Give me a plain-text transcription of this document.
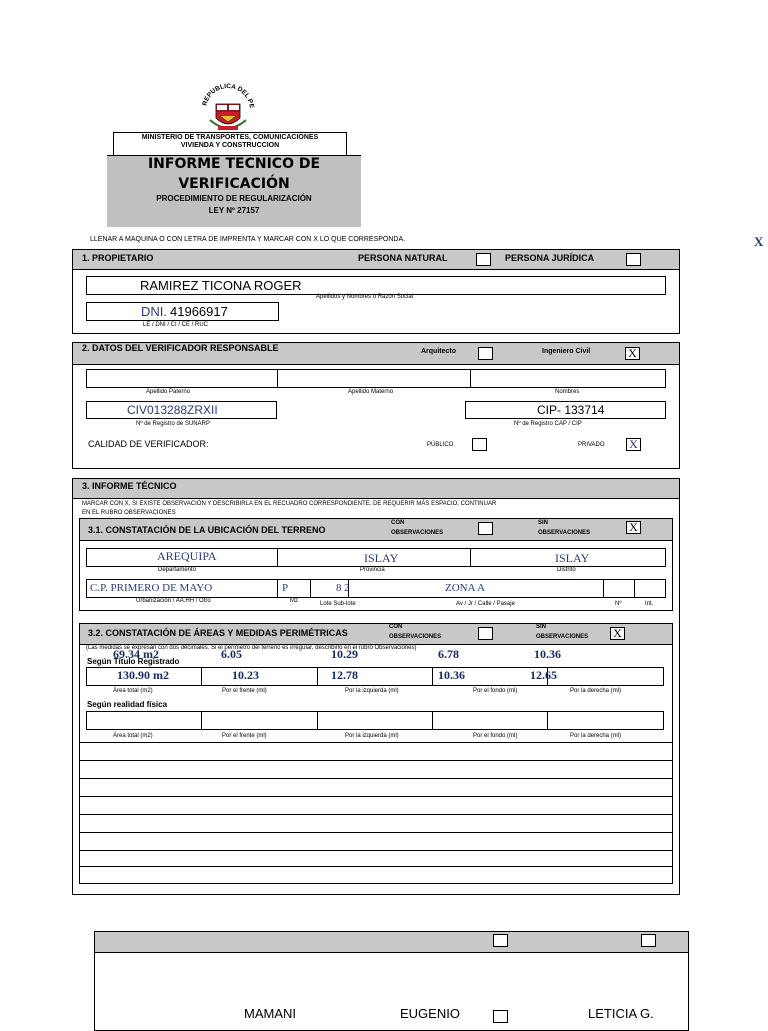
REPUBLICA DEL PE
MINISTERIO DE TRANSPORTES, COMUNICACIONES
VIVIENDA Y CONSTRUCCION
INFORME TECNICO DE
VERIFICACIÓN
PROCEDIMIENTO DE REGULARIZACIÓN
LEY Nº 27157
LLENAR A MAQUINA O CON LETRA DE IMPRENTA Y MARCAR CON X LO QUE CORRESPONDA.	X
1. PROPIETARIO	PERSONA NATURAL	PERSONA JURÍDICA
RAMIREZ TICONA ROGER
Apellidos y Nombres ó Razón Social
DNI. 41966917
LE / DNI / CI / CE / RUC
2. DATOS DEL VERIFICADOR RESPONSABLE	Arquitecto	Ingeniero Civil	X
Apellido Paterno	Apellido Materno	Nombres
CIV013288ZRXII
Nº de Registro de SUNARP
CIP- 133714
Nº de Registro CAP / CIP
CALIDAD DE VERIFICADOR:	PÚBLICO	PRIVADO X
3. INFORME TÉCNICO
MARCAR CON X, SI EXISTE OBSERVACIÓN Y DESCRIBIRLA EN EL RECUADRO CORRESPONDIENTE. DE REQUERIR MÁS ESPACIO, CONTINUAR
EN EL RUBRO OBSERVACIONES
3.1. CONSTATACIÓN DE LA UBICACIÓN DEL TERRENO
CON
OBSERVACIONES
SIN
OBSERVACIONES	X
AREQUIPA	ISLAY	ISLAY
Departamento	Provincia	Distrito
C.P. PRIMERO DE MAYO	P	8 2	ZONA A
Urbanización / AA.HH / Otro	Mz	Lote Sub-lote	Av / Jr / Calle / Pasaje	Nº	Int.
3.2. CONSTATACIÓN DE ÁREAS Y MEDIDAS PERIMÉTRICAS
CON
OBSERVACIONES
SIN
OBSERVACIONES X
(Las medidas se expresan con dos decimales. Si el perímetro del terreno es irregular, describirlo en el rubro Observaciones)
69.34 m2	6.05	10.29	6.78	10.36
Según Título Registrado
130.90 m2	10.23	12.78	10.36	12.65
Área total (m2)	Por el frente (ml)	Por la izquierda (ml)	Por el fondo (ml)	Por la derecha (ml)
Según realidad física
Área total (m2)	Por el frente (ml)	Por la izquierda (ml)	Por el fondo (ml)	Por la derecha (ml)
MAMANI	EUGENIO	LETICIA G.
